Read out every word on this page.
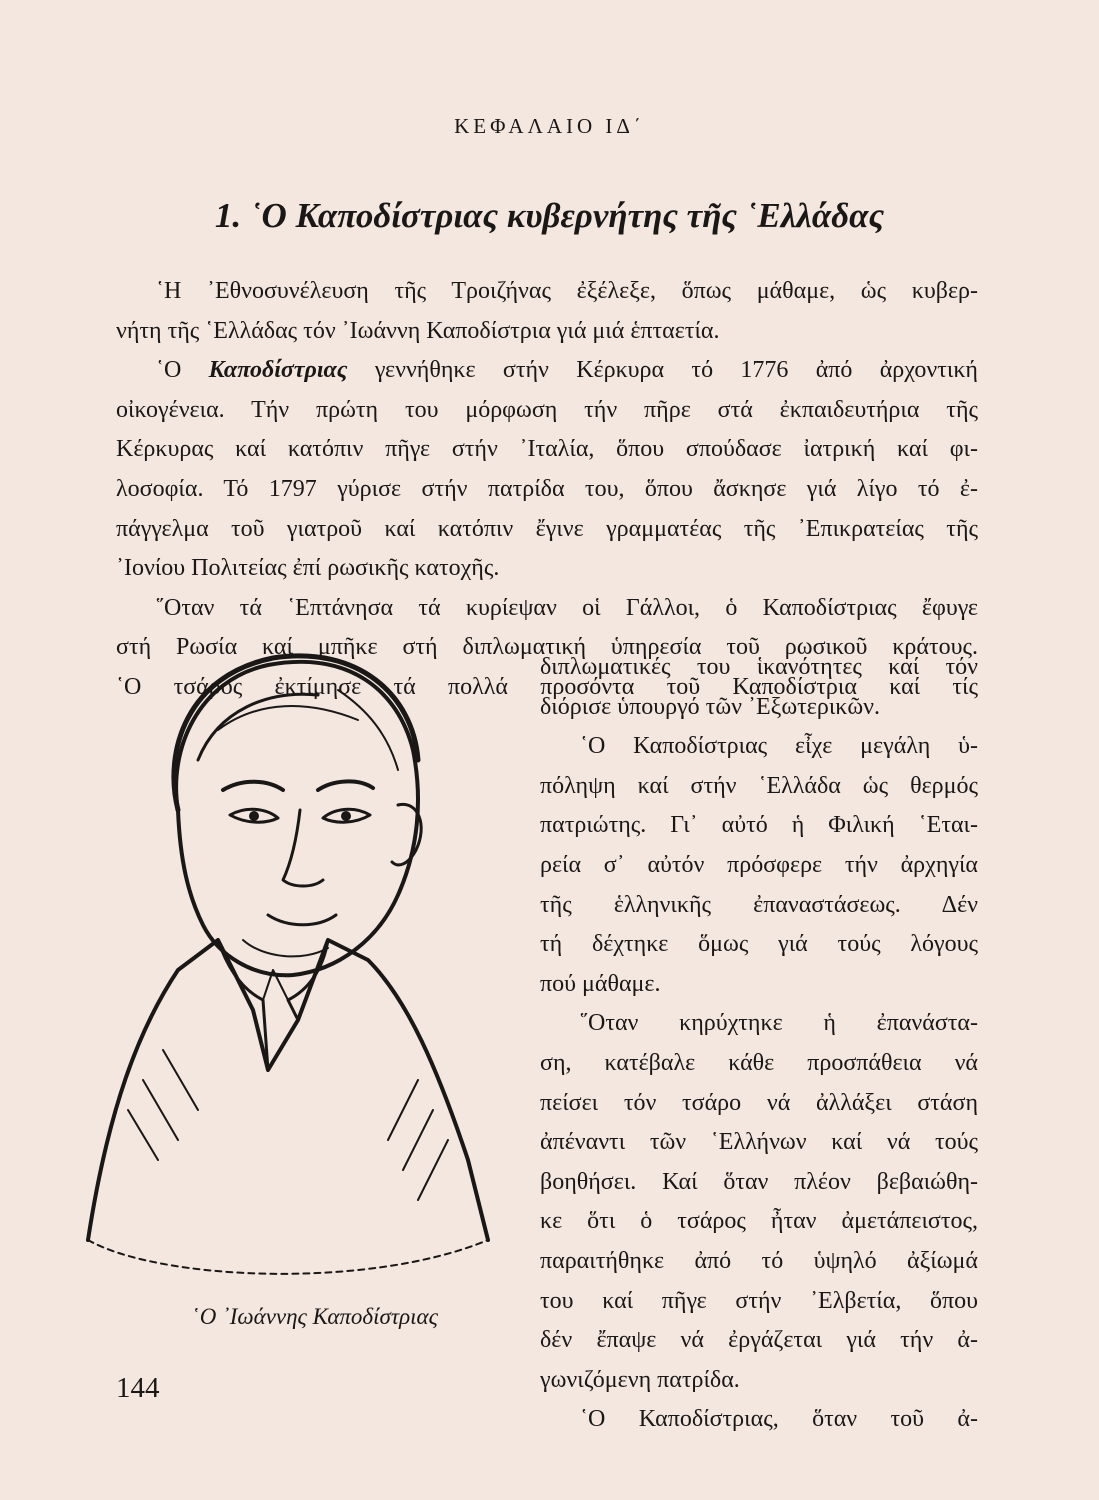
ΚΕΦΑΛΑΙΟ ΙΔ΄
1. ῾Ο Καποδίστριας κυβερνήτης τῆς ῾Ελλάδας
῾Η ᾿Εθνοσυνέλευση τῆς Τροιζήνας ἐξέλεξε, ὅπως μάθαμε, ὡς κυβερ-
νήτη τῆς ῾Ελλάδας τόν ᾿Ιωάννη Καποδίστρια γιά μιά ἑπταετία.
῾Ο Καποδίστριας γεννήθηκε στήν Κέρκυρα τό 1776 ἀπό ἀρχοντική
οἰκογένεια. Τήν πρώτη του μόρφωση τήν πῆρε στά ἐκπαιδευτήρια τῆς
Κέρκυρας καί κατόπιν πῆγε στήν ᾿Ιταλία, ὅπου σπούδασε ἰατρική καί φι-
λοσοφία. Τό 1797 γύρισε στήν πατρίδα του, ὅπου ἄσκησε γιά λίγο τό ἐ-
πάγγελμα τοῦ γιατροῦ καί κατόπιν ἔγινε γραμματέας τῆς ᾿Επικρατείας τῆς
᾿Ιονίου Πολιτείας ἐπί ρωσικῆς κατοχῆς.
῞Οταν τά ῾Επτάνησα τά κυρίεψαν οἱ Γάλλοι, ὁ Καποδίστριας ἔφυγε
στή Ρωσία καί μπῆκε στή διπλωματική ὑπηρεσία τοῦ ρωσικοῦ κράτους.
῾Ο τσάρος ἐκτίμησε τά πολλά προσόντα τοῦ Καποδίστρια καί τίς
διπλωματικές του ἱκανότητες καί τόν
διόρισε ὑπουργό τῶν ᾿Εξωτερικῶν.
῾Ο Καποδίστριας εἶχε μεγάλη ὑ-
πόληψη καί στήν ῾Ελλάδα ὡς θερμός
πατριώτης. Γι᾿ αὐτό ἡ Φιλική ῾Εται-
ρεία σ᾿ αὐτόν πρόσφερε τήν ἀρχηγία
τῆς ἑλληνικῆς ἐπαναστάσεως. Δέν
τή δέχτηκε ὅμως γιά τούς λόγους
πού μάθαμε.
῞Οταν κηρύχτηκε ἡ ἐπανάστα-
ση, κατέβαλε κάθε προσπάθεια νά
πείσει τόν τσάρο νά ἀλλάξει στάση
ἀπέναντι τῶν ῾Ελλήνων καί νά τούς
βοηθήσει. Καί ὅταν πλέον βεβαιώθη-
κε ὅτι ὁ τσάρος ἦταν ἀμετάπειστος,
παραιτήθηκε ἀπό τό ὑψηλό ἀξίωμά
του καί πῆγε στήν ᾿Ελβετία, ὅπου
δέν ἔπαψε νά ἐργάζεται γιά τήν ἀ-
γωνιζόμενη πατρίδα.
῾Ο Καποδίστριας, ὅταν τοῦ ἀ-
῾Ο ᾿Ιωάννης Καποδίστριας
144
